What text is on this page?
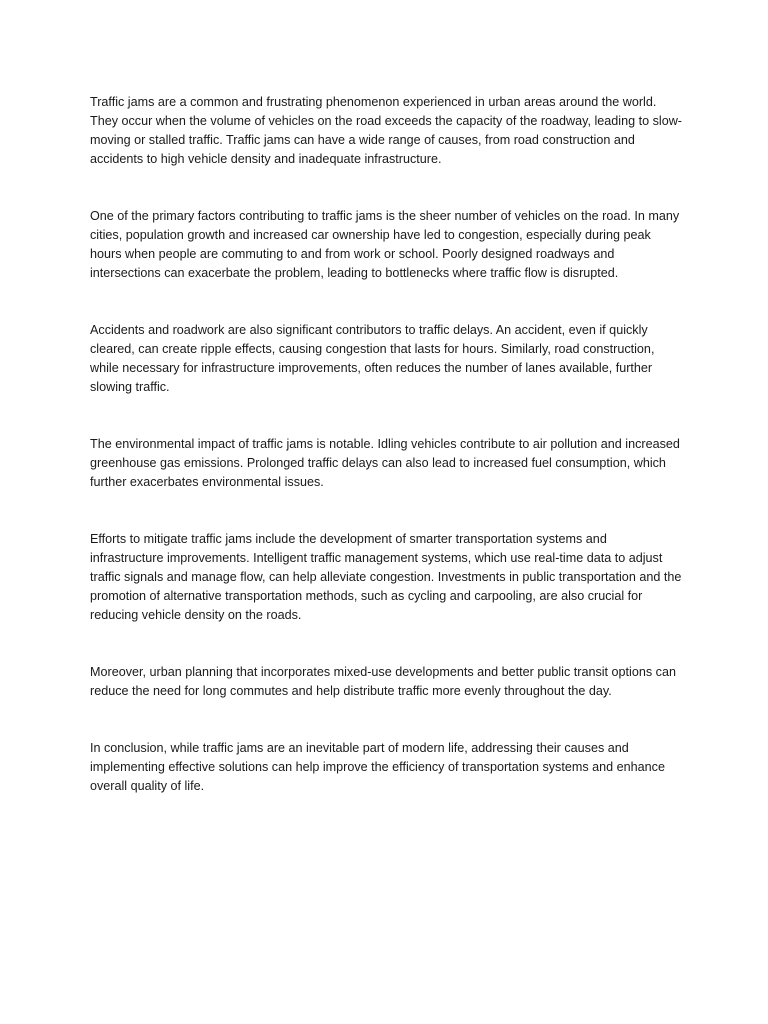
Traffic jams are a common and frustrating phenomenon experienced in urban areas around the world. They occur when the volume of vehicles on the road exceeds the capacity of the roadway, leading to slow-moving or stalled traffic. Traffic jams can have a wide range of causes, from road construction and accidents to high vehicle density and inadequate infrastructure.

One of the primary factors contributing to traffic jams is the sheer number of vehicles on the road. In many cities, population growth and increased car ownership have led to congestion, especially during peak hours when people are commuting to and from work or school. Poorly designed roadways and intersections can exacerbate the problem, leading to bottlenecks where traffic flow is disrupted.

Accidents and roadwork are also significant contributors to traffic delays. An accident, even if quickly cleared, can create ripple effects, causing congestion that lasts for hours. Similarly, road construction, while necessary for infrastructure improvements, often reduces the number of lanes available, further slowing traffic.

The environmental impact of traffic jams is notable. Idling vehicles contribute to air pollution and increased greenhouse gas emissions. Prolonged traffic delays can also lead to increased fuel consumption, which further exacerbates environmental issues.

Efforts to mitigate traffic jams include the development of smarter transportation systems and infrastructure improvements. Intelligent traffic management systems, which use real-time data to adjust traffic signals and manage flow, can help alleviate congestion. Investments in public transportation and the promotion of alternative transportation methods, such as cycling and carpooling, are also crucial for reducing vehicle density on the roads.

Moreover, urban planning that incorporates mixed-use developments and better public transit options can reduce the need for long commutes and help distribute traffic more evenly throughout the day.

In conclusion, while traffic jams are an inevitable part of modern life, addressing their causes and implementing effective solutions can help improve the efficiency of transportation systems and enhance overall quality of life.
